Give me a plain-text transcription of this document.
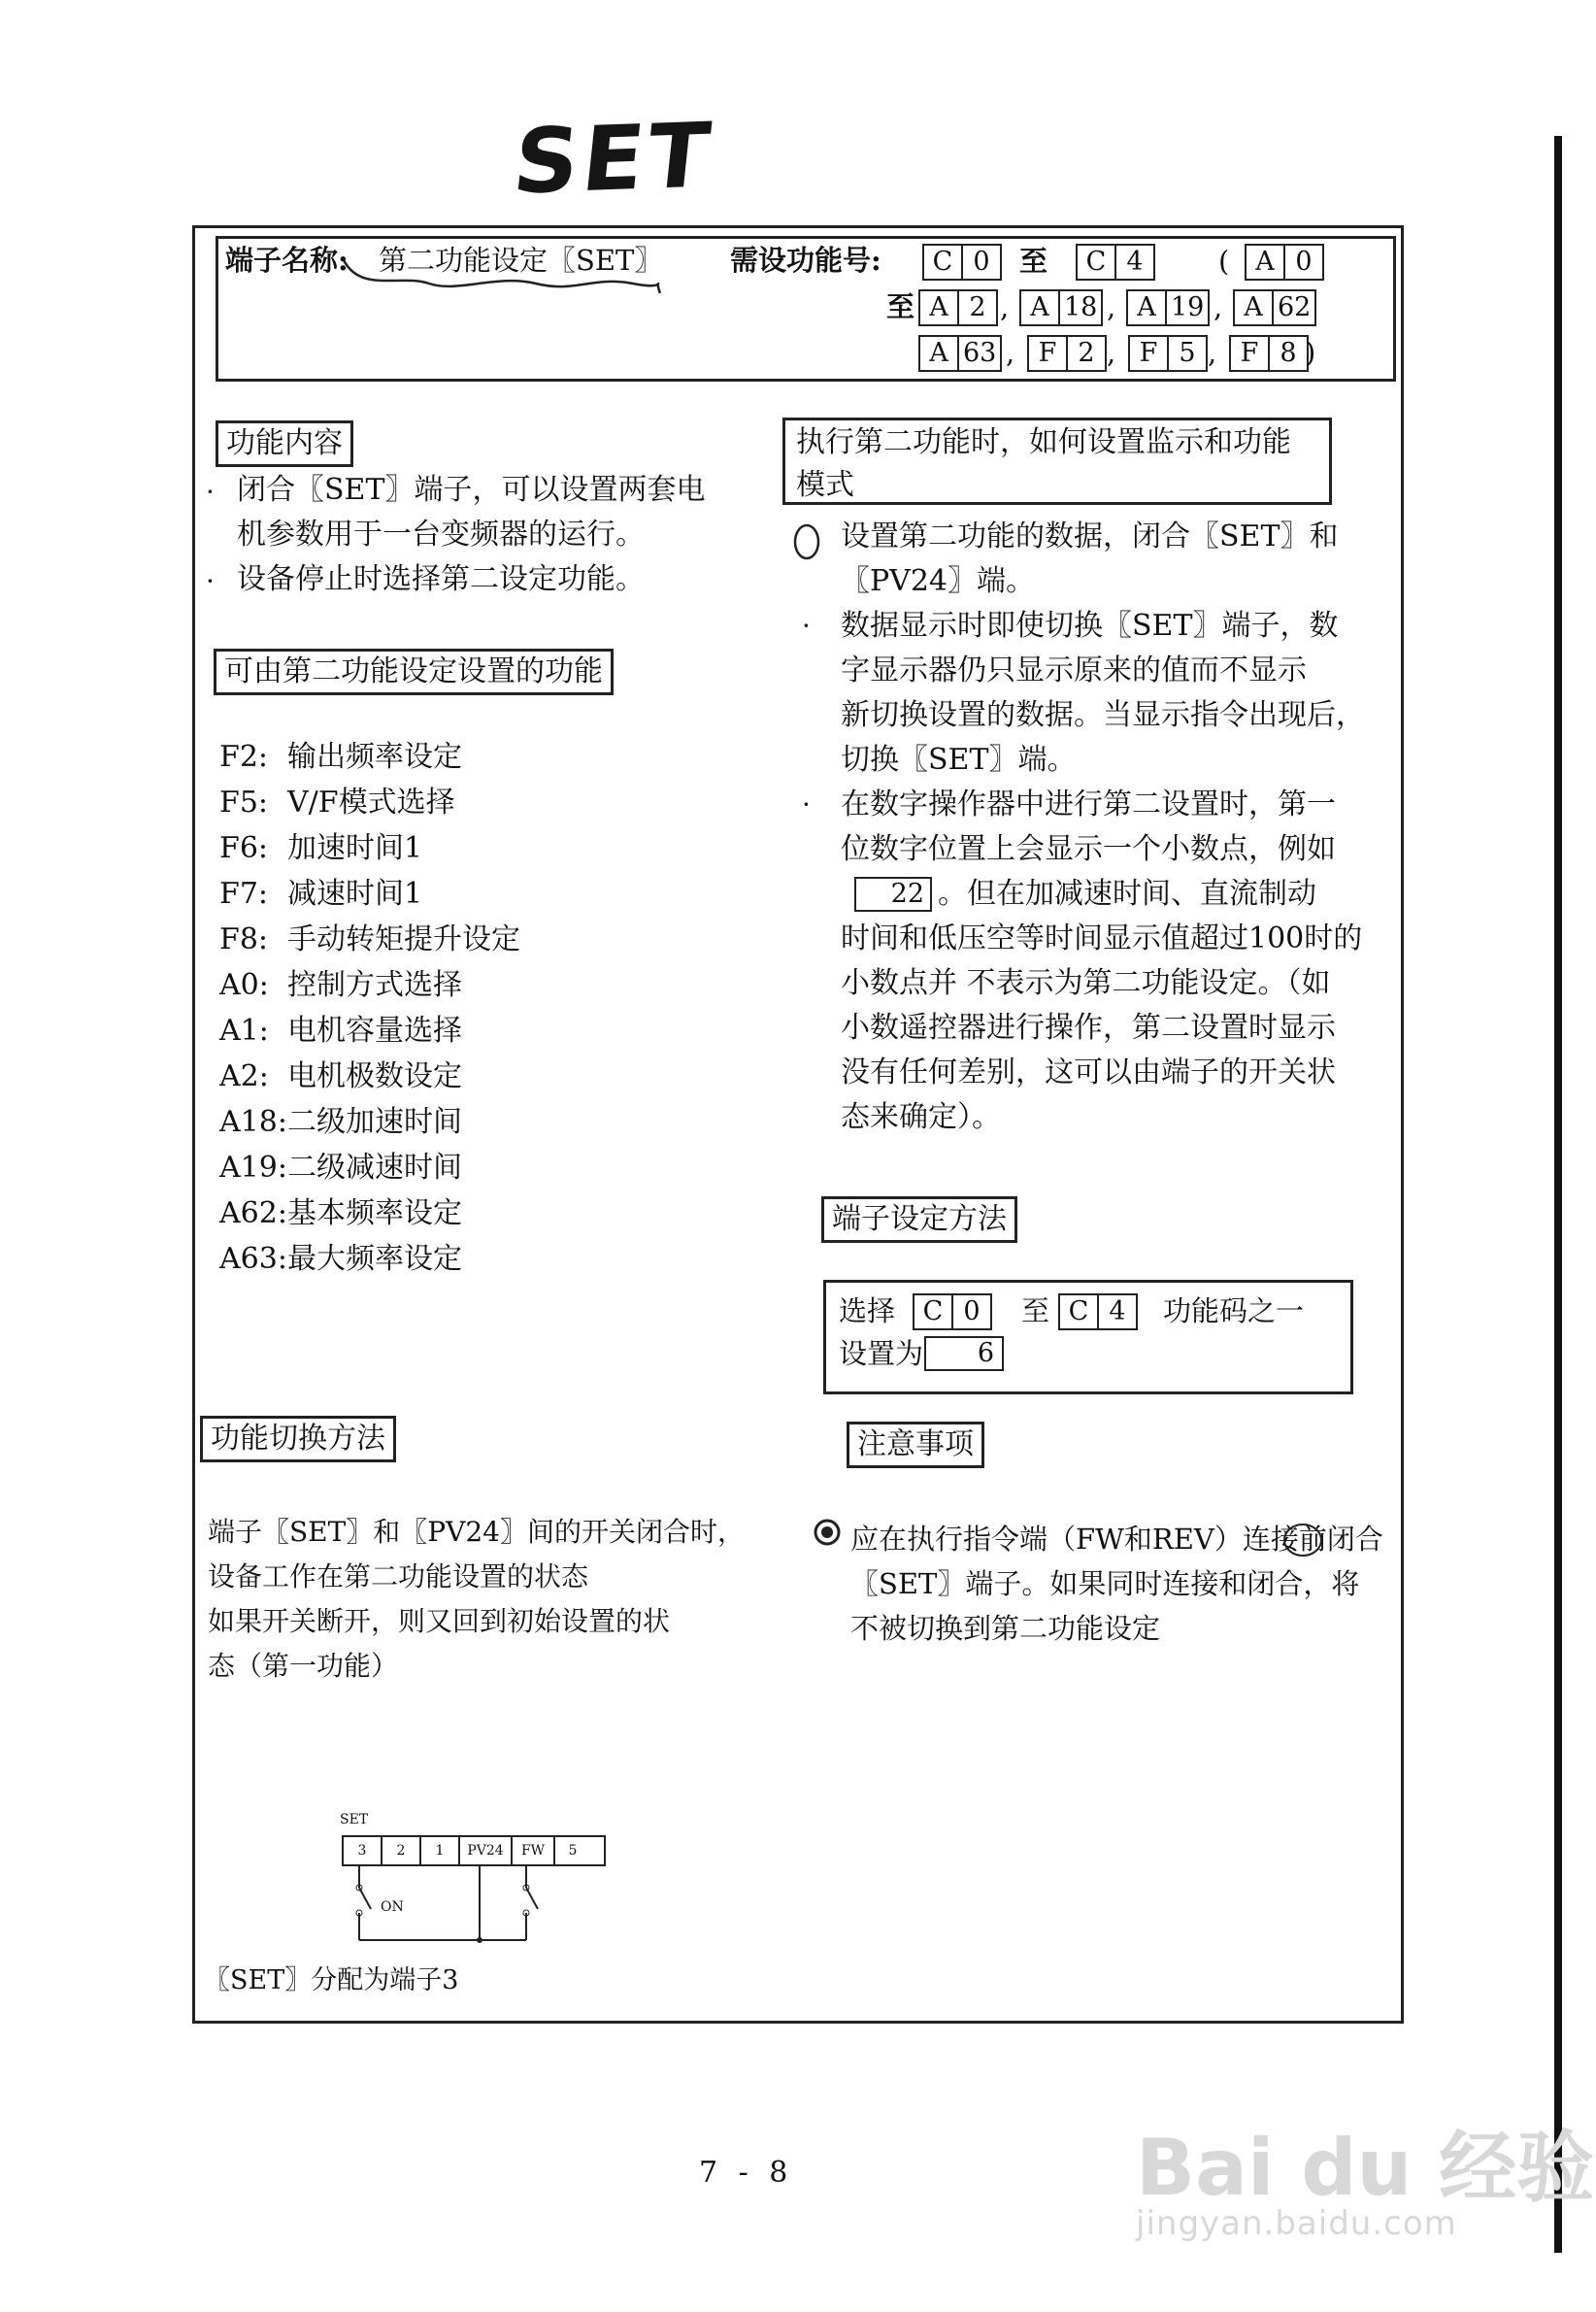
SET
端子名称: 第二功能设定〖SET〗 需设功能号:	C 0	至	C 4	( A 0
至 A 2 , A 18 , A 19 , A 62
A 63 , F 2 , F 5 , F 8 )
功能内容
闭合〖SET〗端子，可以设置两套电
机参数用于一台变频器的运行。
设备停止时选择第二设定功能。
·
·
可由第二功能设定设置的功能
F2: 输出频率设定
F5: V/F模式选择
F6: 加速时间1
F7: 减速时间1
F8: 手动转矩提升设定
A0: 控制方式选择
A1: 电机容量选择
A2: 电机极数设定
A18:二级加速时间
A19:二级减速时间
A62:基本频率设定
A63:最大频率设定
功能切换方法
端子〖SET〗和〖PV24〗间的开关闭合时，
设备工作在第二功能设置的状态
如果开关断开，则又回到初始设置的状
态（第一功能）
SET
3	2	1	PV24	FW	5
ON
〖SET〗分配为端子3
执行第二功能时，如何设置监示和功能
模式
·
·
设置第二功能的数据，闭合〖SET〗和
〖PV24〗端。
数据显示时即使切换〖SET〗端子，数
字显示器仍只显示原来的值而不显示
新切换设置的数据。当显示指令出现后，
切换〖SET〗端。
在数字操作器中进行第二设置时，第一
位数字位置上会显示一个小数点，例如
。但在加减速时间、直流制动
时间和低压空等时间显示值超过100时的
小数点并 不表示为第二功能设定。（如
小数遥控器进行操作，第二设置时显示
没有任何差别，这可以由端子的开关状
态来确定）。
22
端子设定方法
选择	C 0	至 C 4	功能码之一
设置为	6
注意事项
应在执行指令端（FW和REV）连接前闭合
〖SET〗端子。如果同时连接和闭合，将
不被切换到第二功能设定
7 - 8	Bai du 经验
jingyan.baidu.com
